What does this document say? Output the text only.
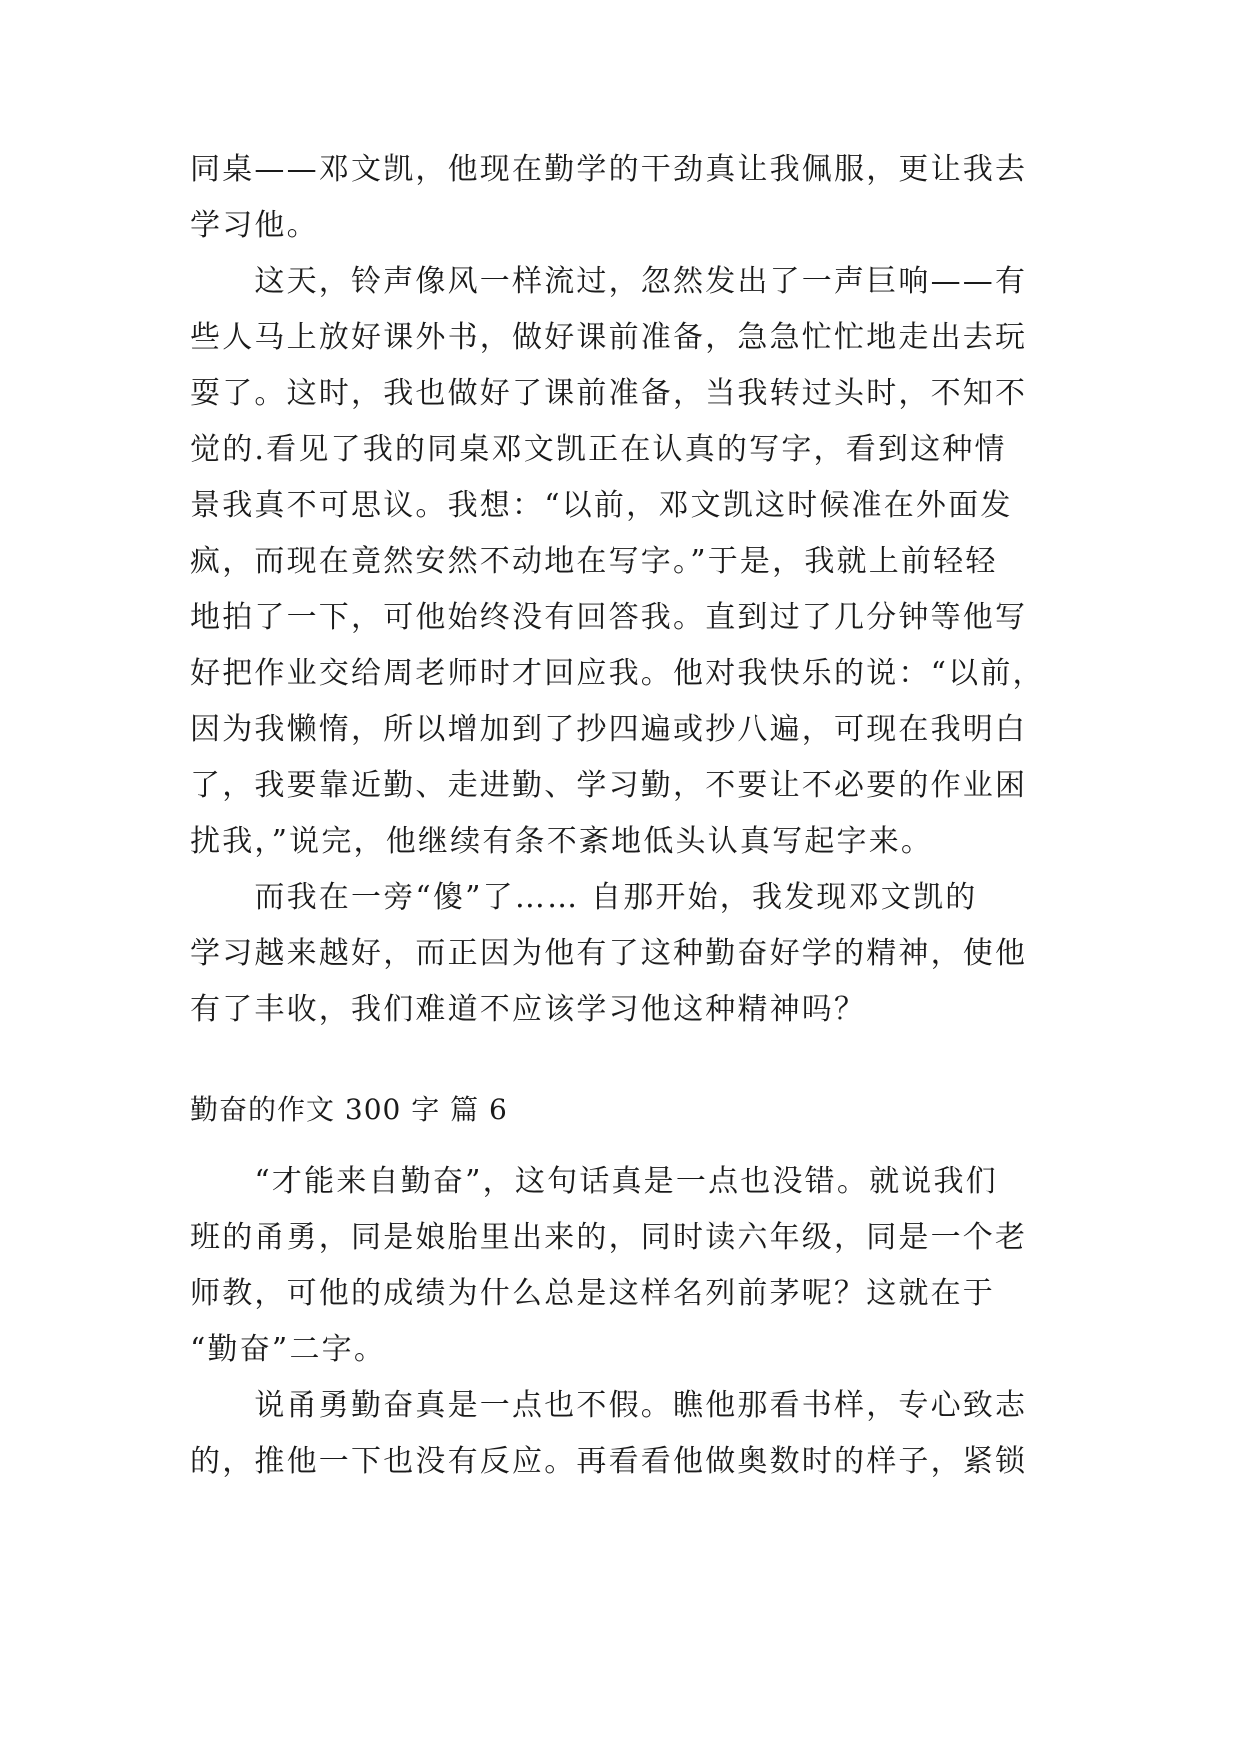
同桌——邓文凯，他现在勤学的干劲真让我佩服，更让我去
学习他。
　　这天，铃声像风一样流过，忽然发出了一声巨响——有
些人马上放好课外书，做好课前准备，急急忙忙地走出去玩
耍了。这时，我也做好了课前准备，当我转过头时，不知不
觉的.看见了我的同桌邓文凯正在认真的写字，看到这种情
景我真不可思议。我想：“以前，邓文凯这时候准在外面发
疯，而现在竟然安然不动地在写字。”于是，我就上前轻轻
地拍了一下，可他始终没有回答我。直到过了几分钟等他写
好把作业交给周老师时才回应我。他对我快乐的说：“以前，
因为我懒惰，所以增加到了抄四遍或抄八遍，可现在我明白
了，我要靠近勤、走进勤、学习勤，不要让不必要的作业困
扰我，”说完，他继续有条不紊地低头认真写起字来。
　　而我在一旁“傻”了…… 自那开始，我发现邓文凯的
学习越来越好，而正因为他有了这种勤奋好学的精神，使他
有了丰收，我们难道不应该学习他这种精神吗？
勤奋的作文 300 字 篇 6
　　“才能来自勤奋”，这句话真是一点也没错。就说我们
班的甬勇，同是娘胎里出来的，同时读六年级，同是一个老
师教，可他的成绩为什么总是这样名列前茅呢？这就在于
“勤奋”二字。
　　说甬勇勤奋真是一点也不假。瞧他那看书样，专心致志
的，推他一下也没有反应。再看看他做奥数时的样子，紧锁
